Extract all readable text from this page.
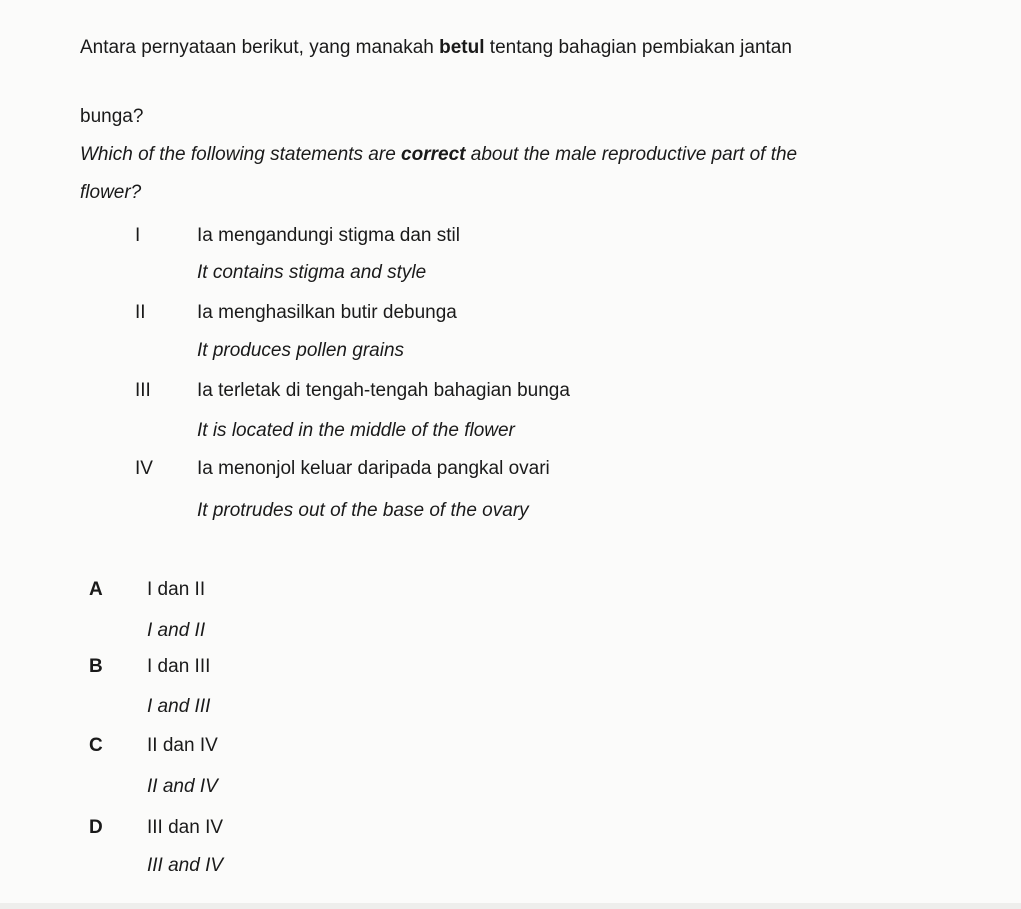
Antara pernyataan berikut, yang manakah betul tentang bahagian pembiakan jantan
bunga?
Which of the following statements are correct about the male reproductive part of the
flower?
I	Ia mengandungi stigma dan stil
It contains stigma and style
II	Ia menghasilkan butir debunga
It produces pollen grains
III Ia terletak di tengah-tengah bahagian bunga
It is located in the middle of the flower
IV Ia menonjol keluar daripada pangkal ovari
It protrudes out of the base of the ovary
A I dan II
I and II
B I dan III
I and III
C II dan IV
II and IV
D III dan IV
III and IV
